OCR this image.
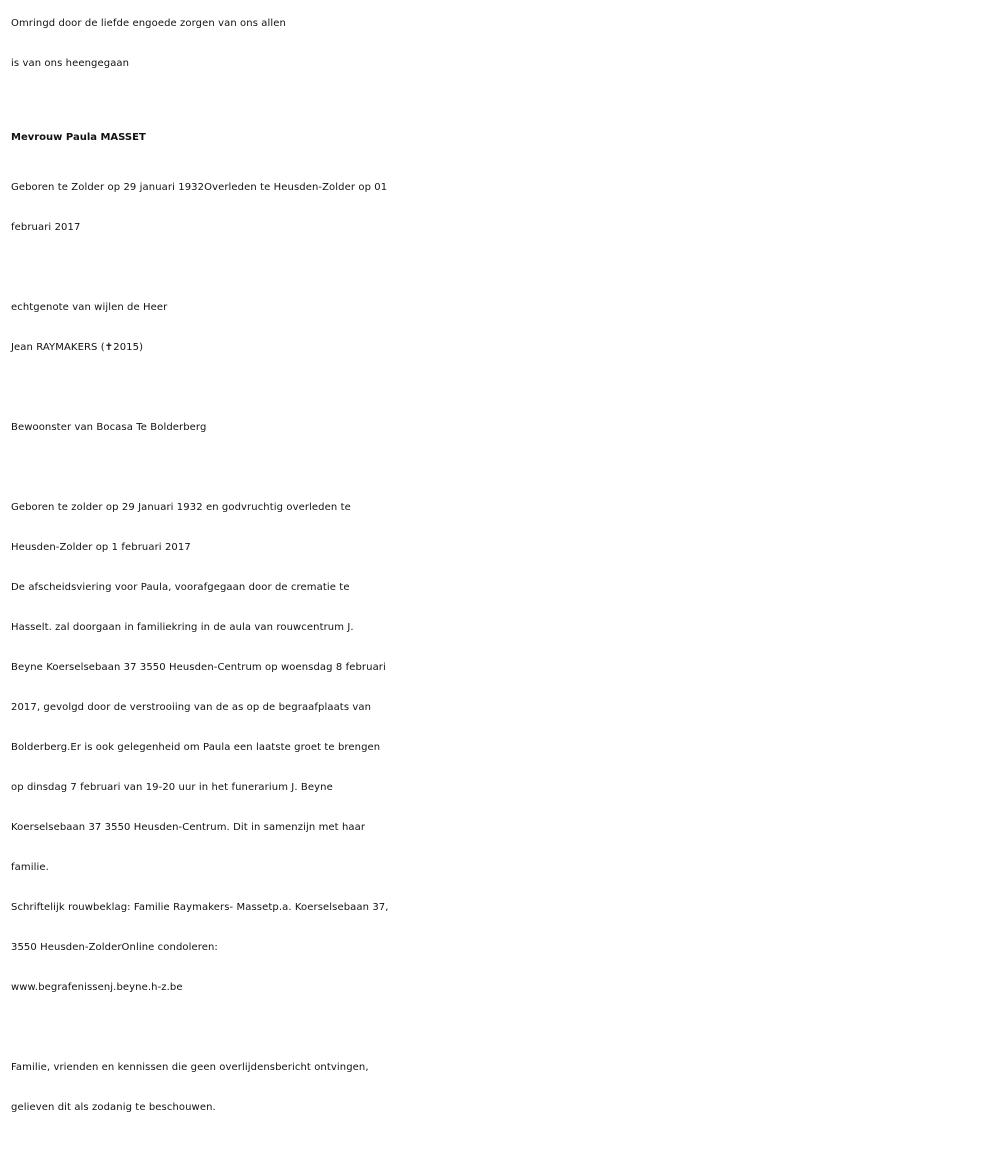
Omringd door de liefde engoede zorgen van ons allen
is van ons heengegaan
Mevrouw Paula MASSET
Geboren te Zolder op 29 januari 1932Overleden te Heusden-Zolder op 01
februari 2017
echtgenote van wijlen de Heer
Jean RAYMAKERS (✝2015)
Bewoonster van Bocasa Te Bolderberg
Geboren te zolder op 29 Januari 1932 en godvruchtig overleden te
Heusden-Zolder op 1 februari 2017
De afscheidsviering voor Paula, voorafgegaan door de crematie te
Hasselt. zal doorgaan in familiekring in de aula van rouwcentrum J.
Beyne Koerselsebaan 37 3550 Heusden-Centrum op woensdag 8 februari
2017, gevolgd door de verstrooiing van de as op de begraafplaats van
Bolderberg.Er is ook gelegenheid om Paula een laatste groet te brengen
op dinsdag 7 februari van 19-20 uur in het funerarium J. Beyne
Koerselsebaan 37 3550 Heusden-Centrum. Dit in samenzijn met haar
familie.
Schriftelijk rouwbeklag: Familie Raymakers- Massetp.a. Koerselsebaan 37,
3550 Heusden-ZolderOnline condoleren:
www.begrafenissenj.beyne.h-z.be
Familie, vrienden en kennissen die geen overlijdensbericht ontvingen,
gelieven dit als zodanig te beschouwen.
